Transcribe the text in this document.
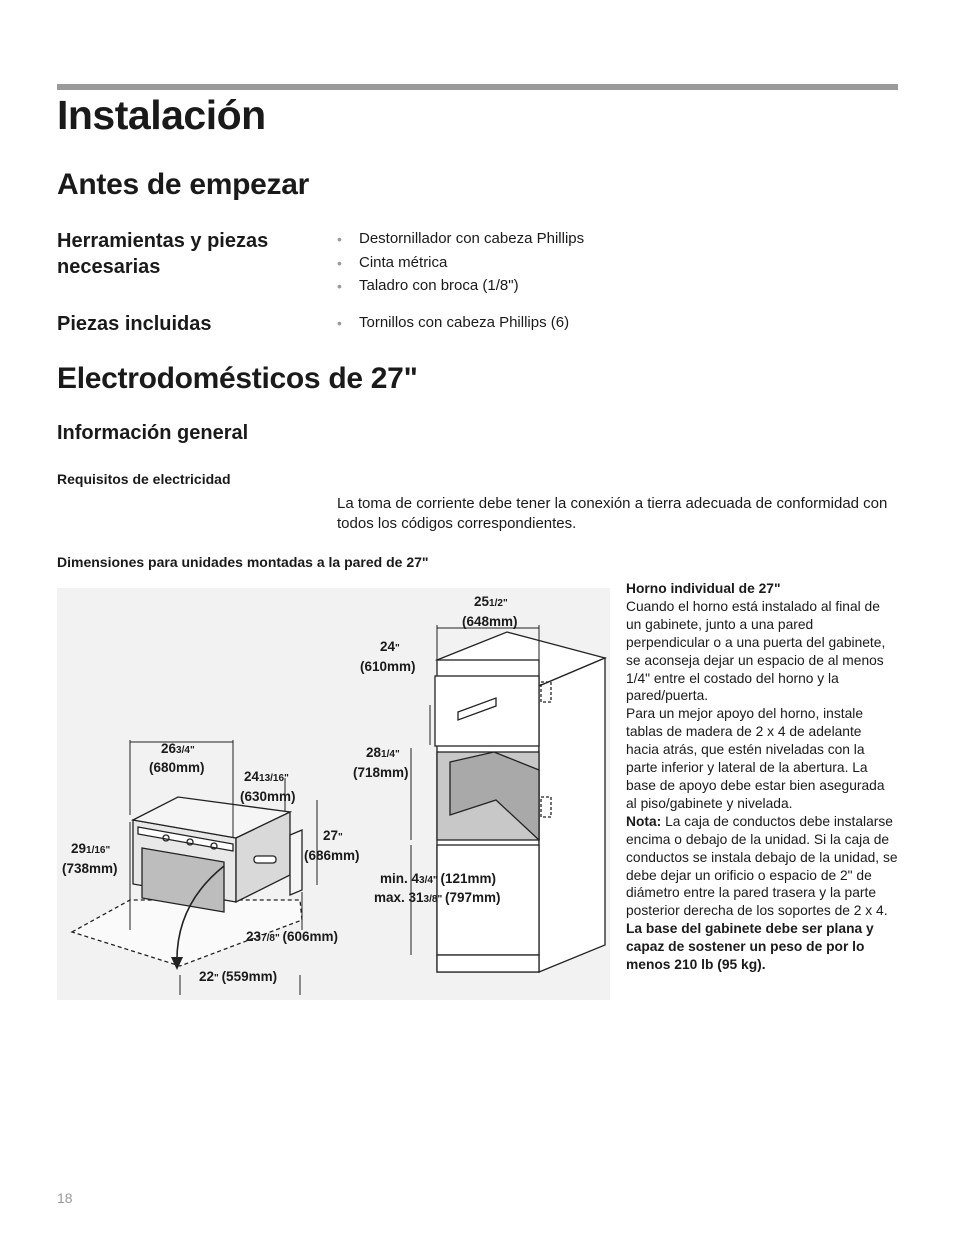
Instalación
Antes de empezar
Herramientas y piezas necesarias
• Destornillador con cabeza Phillips
• Cinta métrica
• Taladro con broca (1/8")
Piezas incluidas
•	Tornillos con cabeza Phillips (6)
Electrodomésticos de 27"
Información general
Requisitos de electricidad

La toma de corriente debe tener la conexión a tierra adecuada de conformidad con todos los códigos correspondientes.

Dimensiones para unidades montadas a la pared de 27"
263/4"
(680mm)
2413/16"
(630mm)
291/16"
(738mm)
27"
(686mm)
237/8" (606mm)
22" (559mm)
251/2"
(648mm)
24"
(610mm)
281/4"
(718mm)
min. 43/4" (121mm)
max. 313/8" (797mm)

Horno individual de 27"

Cuando el horno está instalado al final de un gabinete, junto a una pared perpendicular o a una puerta del gabinete, se aconseja dejar un espacio de al menos 1/4" entre el costado del horno y la pared/puerta.

Para un mejor apoyo del horno, instale tablas de madera de 2 x 4 de adelante hacia atrás, que estén niveladas con la parte inferior y lateral de la abertura. La base de apoyo debe estar bien asegurada al piso/gabinete y nivelada.

Nota: La caja de conductos debe instalarse encima o debajo de la unidad. Si la caja de conductos se instala debajo de la unidad, se debe dejar un orificio o espacio de 2" de diámetro entre la pared trasera y la parte posterior derecha de los soportes de 2 x 4.

La base del gabinete debe ser plana y capaz de sostener un peso de por lo menos 210 lb (95 kg).

18
